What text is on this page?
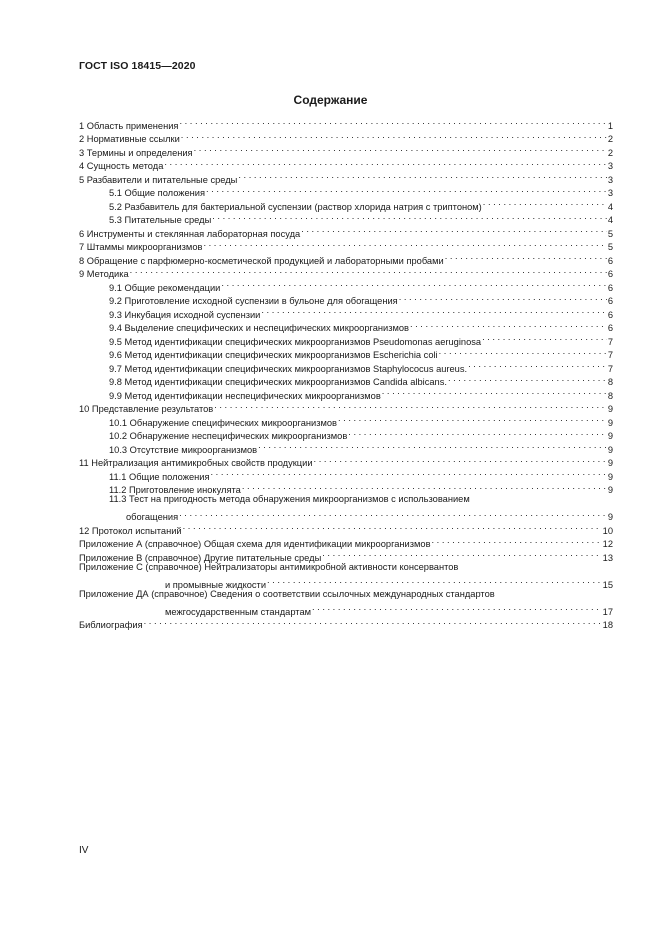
ГОСТ ISO 18415—2020
Содержание
1 Область применения . . .	1
2 Нормативные ссылки . . .	2
3 Термины и определения . . .	2
4 Сущность метода . . .	3
5 Разбавители и питательные среды . . .	3
5.1 Общие положения . . .	3
5.2 Разбавитель для бактериальной суспензии (раствор хлорида натрия с триптоном) . . .	4
5.3 Питательные среды . . .	4
6 Инструменты и стеклянная лабораторная посуда . . .	5
7 Штаммы микроорганизмов . . .	5
8 Обращение с парфюмерно-косметической продукцией и лабораторными пробами . . .	6
9 Методика . . .	6
9.1 Общие рекомендации . . .	6
9.2 Приготовление исходной суспензии в бульоне для обогащения . . .	6
9.3 Инкубация исходной суспензии . . .	6
9.4 Выделение специфических и неспецифических микроорганизмов . . .	6
9.5 Метод идентификации специфических микроорганизмов Pseudomonas aeruginosa . . .	7
9.6 Метод идентификации специфических микроорганизмов Escherichia coli . . .	7
9.7 Метод идентификации специфических микроорганизмов Staphylococus aureus. . . .	7
9.8 Метод идентификации специфических микроорганизмов Candida albicans. . . .	8
9.9 Метод идентификации неспецифических микроорганизмов . . .	8
10 Представление результатов . . .	9
10.1 Обнаружение специфических микроорганизмов . . .	9
10.2 Обнаружение неспецифических микроорганизмов . . .	9
10.3 Отсутствие микроорганизмов . . .	9
11 Нейтрализация антимикробных свойств продукции . . .	9
11.1 Общие положения . . .	9
11.2 Приготовление инокулята . . .	9
11.3 Тест на пригодность метода обнаружения микроорганизмов с использованием
обогащения . . .	9
12 Протокол испытаний . . .	10
Приложение А (справочное) Общая схема для идентификации микроорганизмов . . .	12
Приложение В (справочное) Другие питательные среды . . .	13
Приложение С (справочное) Нейтрализаторы антимикробной активности консервантов
и промывные жидкости . . .	15
Приложение ДА (справочное) Сведения о соответствии ссылочных международных стандартов
межгосударственным стандартам . . .	17
Библиография . . .	18
IV
